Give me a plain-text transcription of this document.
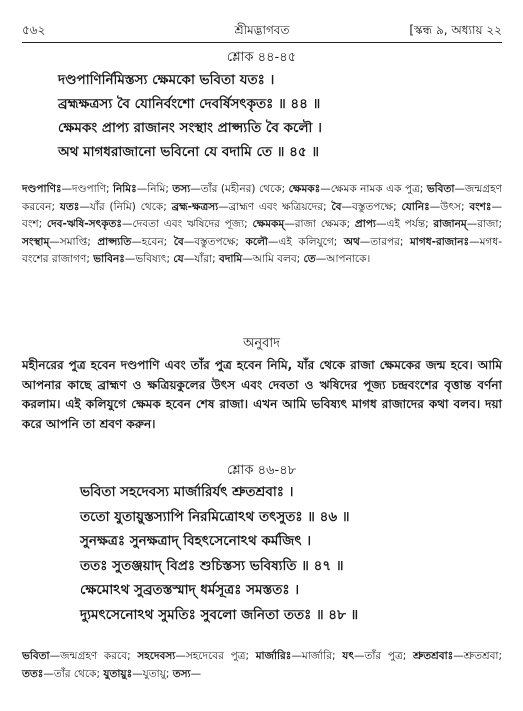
৫৬২	শ্রীমদ্ভাগবত	[স্কন্ধ ৯, অধ্যায় ২২
শ্লোক ৪৪-৪৫
দণ্ডপাণির্নিমিস্তস্য ক্ষেমকো ভবিতা যতঃ ।
ব্রহ্মক্ষত্রস্য বৈ যোনির্বংশো দেবর্ষিসৎকৃতঃ ॥ ৪৪ ॥
ক্ষেমকং প্রাপ্য রাজানং সংস্থাং প্রাপ্স্যতি বৈ কলৌ ।
অথ মাগধরাজানো ভবিনো যে বদামি তে ॥ ৪৫ ॥
দণ্ডপাণিঃ—দণ্ডপাণি; নিমিঃ—নিমি; তস্য—তাঁর (মহীনর) থেকে; ক্ষেমকঃ—ক্ষেমক নামক এক পুত্র; ভবিতা—জন্মগ্রহণ করবেন; যতঃ—যাঁর (নিমি) থেকে; ব্রহ্ম-ক্ষত্রস্য—ব্রাহ্মণ এবং ক্ষত্রিয়দের; বৈ—বস্তুতপক্ষে; যোনিঃ—উৎস; বংশঃ—বংশ; দেব-ঋষি-সৎকৃতঃ—দেবতা এবং ঋষিদের পূজ্য; ক্ষেমকম্—রাজা ক্ষেমক; প্রাপ্য—এই পর্যন্ত; রাজানম্—রাজা; সংস্থাম্—সমাপ্তি; প্রাপ্স্যতি—হবেন; বৈ—বস্তুতপক্ষে; কলৌ—এই কলিযুগে; অথ—তারপর; মাগধ-রাজানঃ—মগধ-বংশের রাজাগণ; ভাবিনঃ—ভবিষ্যৎ; যে—যাঁরা; বদামি—আমি বলব; তে—আপনাকে।
অনুবাদ
মহীনরের পুত্র হবেন দণ্ডপাণি এবং তাঁর পুত্র হবেন নিমি, যাঁর থেকে রাজা ক্ষেমকের জন্ম হবে। আমি আপনার কাছে ব্রাহ্মণ ও ক্ষত্রিয়কুলের উৎস এবং দেবতা ও ঋষিদের পূজ্য চন্দ্রবংশের বৃত্তান্ত বর্ণনা করলাম। এই কলিযুগে ক্ষেমক হবেন শেষ রাজা। এখন আমি ভবিষ্যৎ মাগধ রাজাদের কথা বলব। দয়া করে আপনি তা শ্রবণ করুন।
শ্লোক ৪৬-৪৮
ভবিতা সহদেবস্য মার্জারির্যৎ শ্রুতশ্রবাঃ ।
ততো যুতায়ুস্তস্যাপি নিরমিত্রোঽথ তৎসুতঃ ॥ ৪৬ ॥
সুনক্ষত্রঃ সুনক্ষত্রাদ্ বিহৎসেনোঽথ কর্মজিৎ ।
ততঃ সুতঞ্জয়াদ্ বিপ্রঃ শুচিস্তস্য ভবিষ্যতি ॥ ৪৭ ॥
ক্ষেমোঽথ সুব্রতস্তস্মাদ্ ধর্মসূত্রঃ সমস্ততঃ ।
দ্যুমৎসেনোঽথ সুমতিঃ সুবলো জনিতা ততঃ ॥ ৪৮ ॥
ভবিতা—জন্মগ্রহণ করবে; সহদেবস্য—সহদেবের পুত্র; মার্জারিঃ—মার্জারি; যৎ—তাঁর পুত্র; শ্রুতশ্রবাঃ—শ্রুতশ্রবা; ততঃ—তাঁর থেকে; যুতায়ুঃ—যুতায়ু; তস্য—
